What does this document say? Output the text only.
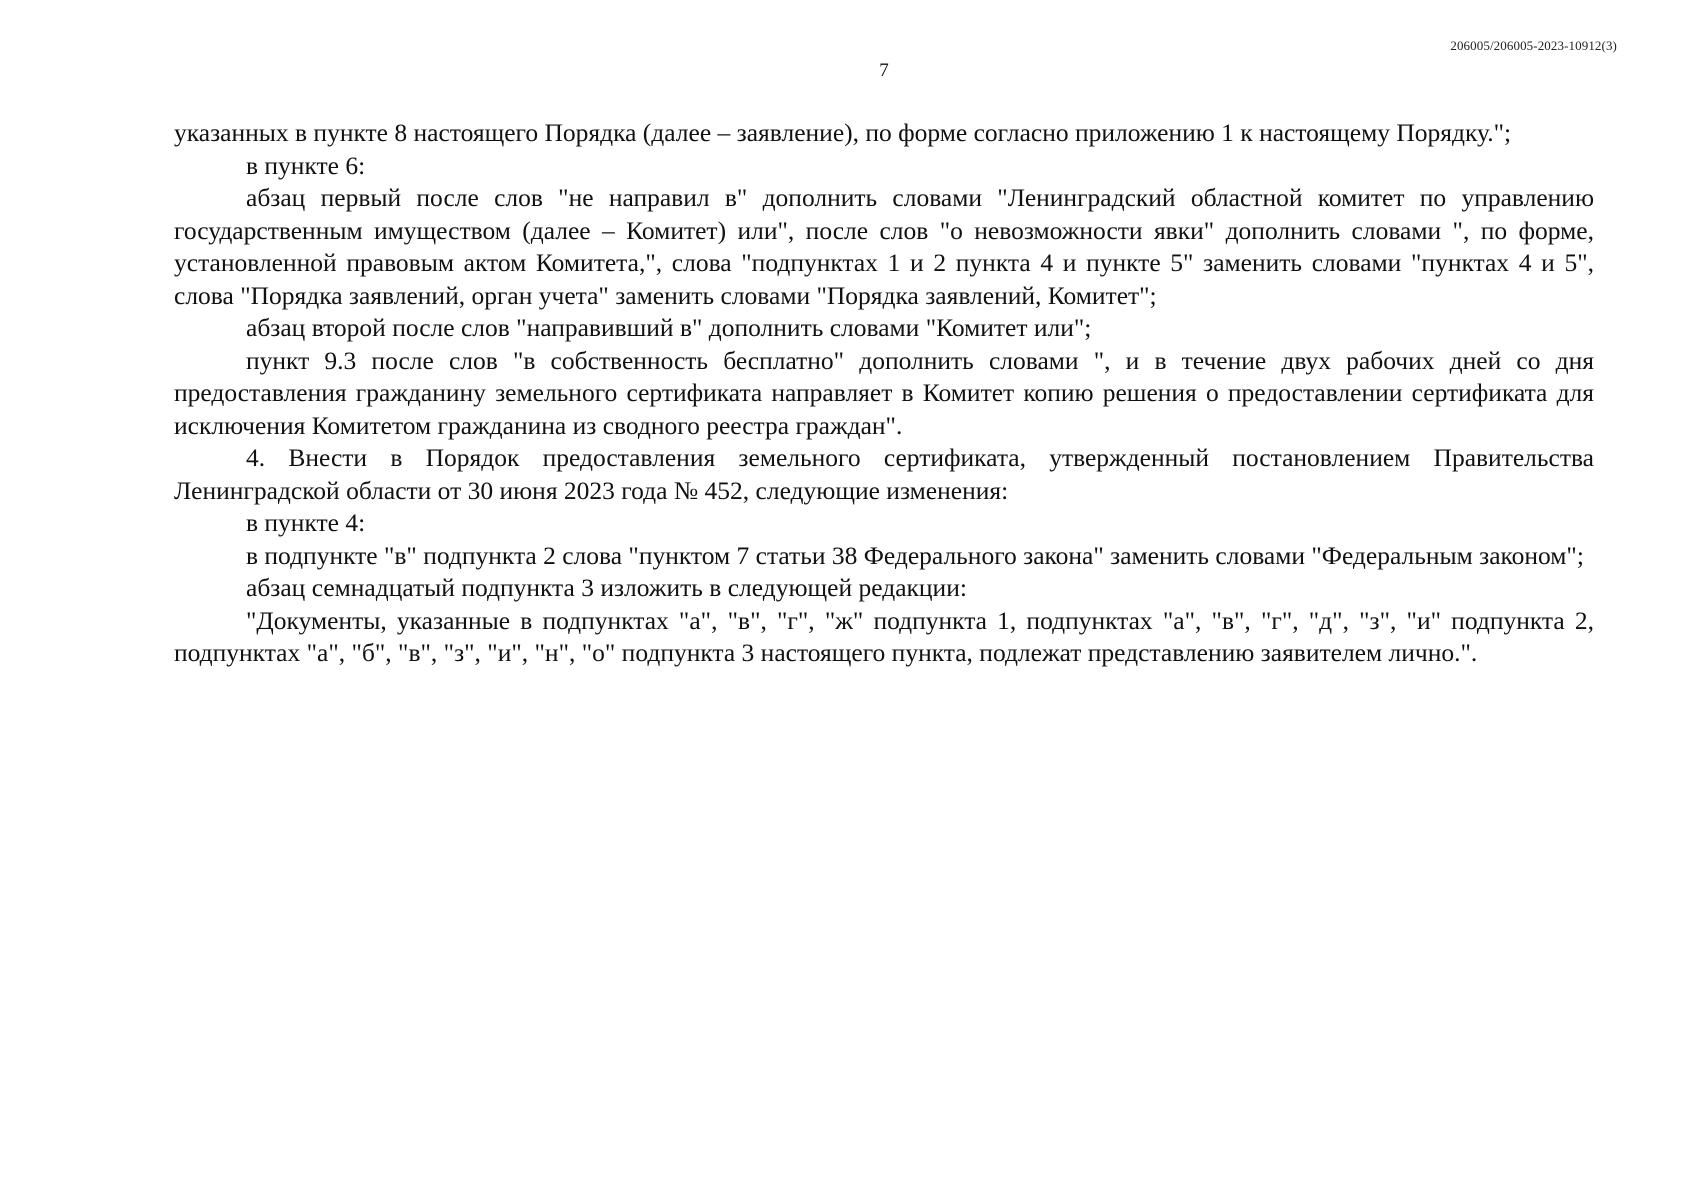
206005/206005-2023-10912(3)
7

указанных в пункте 8 настоящего Порядка (далее – заявление), по форме согласно приложению 1 к настоящему Порядку.";

в пункте 6:

абзац первый после слов "не направил в" дополнить словами "Ленинградский областной комитет по управлению государственным имуществом (далее – Комитет) или", после слов "о невозможности явки" дополнить словами ", по форме, установленной правовым актом Комитета,", слова "подпунктах 1 и 2 пункта 4 и пункте 5" заменить словами "пунктах 4 и 5", слова "Порядка заявлений, орган учета" заменить словами "Порядка заявлений, Комитет";

абзац второй после слов "направивший в" дополнить словами "Комитет или";

пункт 9.3 после слов "в собственность бесплатно" дополнить словами ", и в течение двух рабочих дней со дня предоставления гражданину земельного сертификата направляет в Комитет копию решения о предоставлении сертификата для исключения Комитетом гражданина из сводного реестра граждан".

4. Внести в Порядок предоставления земельного сертификата, утвержденный постановлением Правительства Ленинградской области от 30 июня 2023 года № 452, следующие изменения:

в пункте 4:

в подпункте "в" подпункта 2 слова "пунктом 7 статьи 38 Федерального закона" заменить словами "Федеральным законом";

абзац семнадцатый подпункта 3 изложить в следующей редакции:

"Документы, указанные в подпунктах "а", "в", "г", "ж" подпункта 1, подпунктах "а", "в", "г", "д", "з", "и" подпункта 2, подпунктах "а", "б", "в", "з", "и", "н", "о" подпункта 3 настоящего пункта, подлежат представлению заявителем лично.".
